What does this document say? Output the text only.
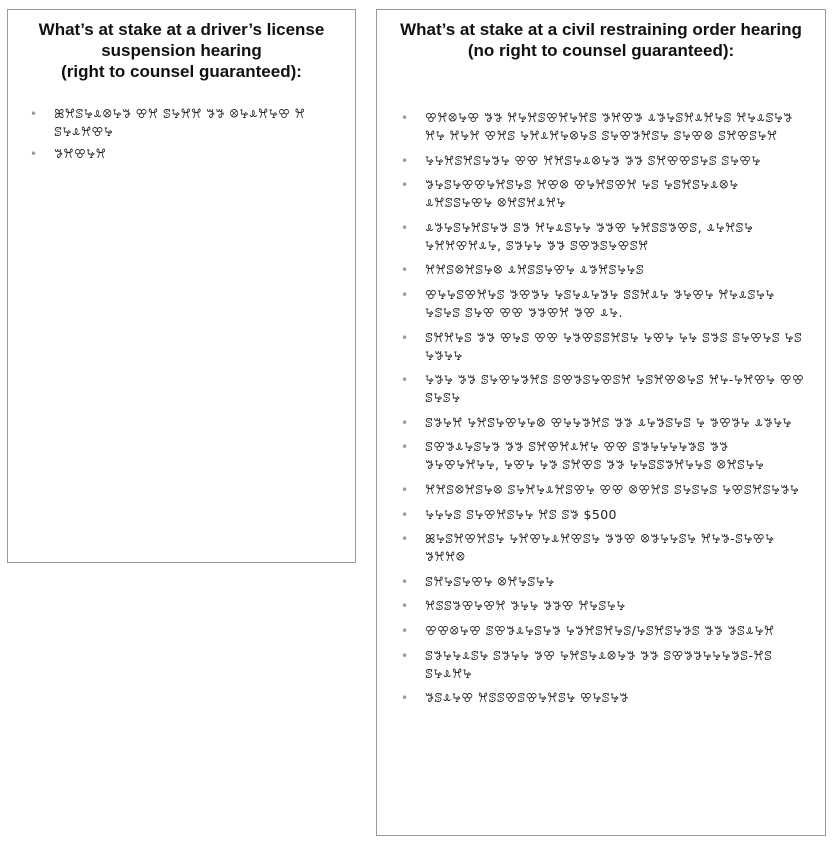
What’s at stake at a driver’s license
suspension hearing
(right to counsel guaranteed):
• ꕤꕮꕷꕵꕊꕕꕵꖃ ꕢꕮ ꕷꕵꕮꕮ ꖃꖃ ꕕꕵꕊꕮꕵꕢ ꕮ ꕷꕵꕊꕮꕢꕵ
• ꖃꕮꕢꕵꕮ
What’s at stake at a civil restraining order hearing
(no right to counsel guaranteed):
• ꕢꕮꕕꕵꕢ ꖃꖃ ꕮꕵꕮꕷꕢꕮꕵꕮꕷ ꖃꕮꕢꖃ ꕊꖃꕵꕷꕮꕊꕮꕵꕷ ꕮꕵꕊꕷꕵꖃ ꕮꕵ ꕮꕵꕮ ꕢꕮꕷ ꕵꕮꕊꕮꕵꕕꕵꕷ ꕷꕵꕢꖃꕮꕷꕵ ꕷꕵꕢꕕ ꕷꕮꕢꕷꕵꕮ
• ꕵꕵꕮꕷꕮꕷꕵꖃꕵ ꕢꕢ ꕮꕮꕷꕵꕊꕕꕵꖃ ꖃꖃ ꕷꕮꕢꕢꕷꕵꕷ ꕷꕵꕢꕵ
• ꖃꕵꕷꕵꕢꕢꕵꕮꕷꕵꕷ ꕮꕢꕕ ꕢꕵꕮꕷꕢꕮ ꕵꕷ ꕵꕷꕮꕷꕵꕊꕕꕵ ꕊꕮꕷꕷꕵꕢꕵ ꕕꕮꕷꕮꕊꕮꕵ
• ꕊꖃꕵꕷꕵꕮꕷꕵꖃ ꕷꖃ ꕮꕵꕊꕷꕵꕵ ꖃꖃꕢ ꕵꕮꕷꕷꖃꕢꕷ, ꕊꕵꕮꕷꕵ ꕵꕮꕮꕢꕮꕊꕵ, ꕷꖃꕵꕵ ꖃꖃ ꕷꕢꖃꕷꕵꕢꕷꕮ
• ꕮꕮꕷꕕꕮꕷꕵꕕ ꕊꕮꕷꕷꕵꕢꕵ ꕊꖃꕮꕷꕵꕵꕷ
• ꕢꕵꕵꕷꕢꕮꕵꕷ ꖃꕢꖃꕵ ꕵꕷꕵꕊꕵꖃꕵ ꕷꕷꕮꕊꕵ ꖃꕵꕢꕵ ꕮꕵꕊꕷꕵꕵ ꕵꕷꕵꕷ ꕷꕵꕢ ꕢꕢ ꖃꖃꕢꕮ ꖃꕢ ꕊꕵ.
• ꕷꕮꕮꕵꕷ ꖃꖃ ꕢꕵꕷ ꕢꕢ ꕵꖃꕢꕷꕷꕮꕷꕵ ꕵꕢꕵ ꕵꕵ ꕷꖃꕷ ꕷꕵꕢꕵꕷ ꕵꕷ ꕵꖃꕵꕵ
• ꕵꖃꕵ ꖃꖃ ꕷꕵꕢꕵꖃꕮꕷ ꕷꕢꖃꕷꕵꕢꕷꕮ ꕵꕷꕮꕢꕕꕵꕷ ꕮꕵ-ꕵꕮꕢꕵ ꕢꕢ ꕷꕵꕷꕵ
• ꕷꖃꕵꕮ ꕵꕮꕷꕵꕢꕵꕵꕕ ꕢꕵꕵꖃꕮꕷ ꖃꖃ ꕊꕵꖃꕷꕵꕷ ꕵ ꖃꕢꖃꕵ ꕊꖃꕵꕵ
• ꕷꕢꖃꕊꕵꕷꕵꖃ ꖃꖃ ꕷꕮꕢꕮꕊꕮꕵ ꕢꕢ ꕷꖃꕵꕵꕵꕵꖃꕷ ꖃꖃ ꖃꕵꕢꕵꕮꕵꕵ, ꕵꕢꕵ ꕵꖃ ꕷꕮꕢꕷ ꖃꖃ ꕵꕵꕷꕷꖃꕮꕵꕵꕷ ꕕꕮꕷꕵꕵ
• ꕮꕮꕷꕕꕮꕷꕵꕕ ꕷꕵꕮꕵꕊꕮꕷꕢꕵ ꕢꕢ ꕕꕢꕮꕷ ꕷꕵꕷꕵꕷ ꕵꕢꕷꕮꕷꕵꖃꕵ
• ꕵꕵꕵꕷ ꕷꕵꕢꕮꕷꕵꕵ ꕮꕷ ꕷꖃ $500
• ꕤꕵꕷꕮꕢꕮꕷꕵ ꕵꕮꕢꕵꕊꕮꕢꕷꕵ ꖃꖃꕢ ꕕꖃꕵꕵꕷꕵ ꕮꕵꖃ-ꕷꕵꕢꕵ ꖃꕮꕮꕕ
• ꕷꕮꕵꕷꕵꕢꕵ ꕕꕮꕵꕷꕵꕵ
• ꕮꕷꕷꖃꕢꕵꕢꕮ ꖃꕵꕵ ꖃꖃꕢ ꕮꕵꕷꕵꕵ
• ꕢꕢꕕꕵꕢ ꕷꕢꖃꕊꕵꕷꕵꖃ ꕵꖃꕮꕷꕮꕵꕷ/ꕵꕷꕮꕷꕵꖃꕷ ꖃꖃ ꖃꕷꕊꕵꕮ
• ꕷꖃꕵꕵꕊꕷꕵ ꕷꖃꕵꕵ ꖃꕢ ꕵꕮꕷꕵꕊꕕꕵꖃ ꖃꖃ ꕷꕢꖃꖃꕵꕵꕵꖃꕷ-ꕮꕷ ꕷꕵꕊꕮꕵ
• ꖃꕷꕊꕵꕢ ꕮꕷꕷꕢꕷꕢꕵꕮꕷꕵ ꕢꕵꕷꕵꖃ
